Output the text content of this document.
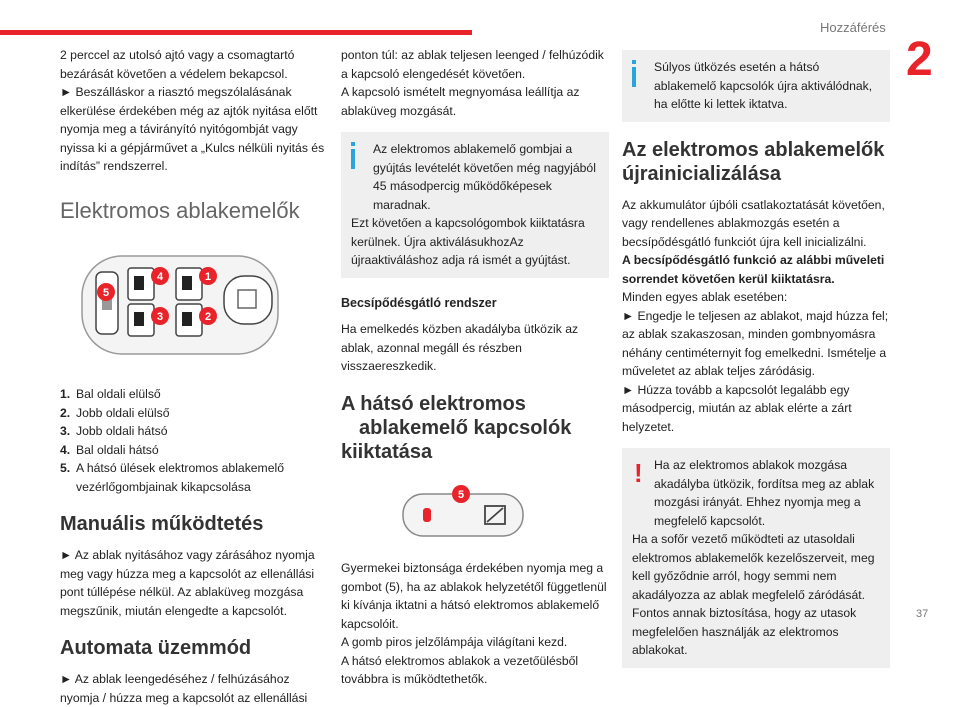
Hozzáférés
2
37

2 perccel az utolsó ajtó vagy a csomagtartó bezárását követően a védelem bekapcsol.

► Beszálláskor a riasztó megszólalásának elkerülése érdekében még az ajtók nyitása előtt nyomja meg a távirányító nyitógombját vagy nyissa ki a gépjárművet a „Kulcs nélküli nyitás és indítás” rendszerrel.

Elektromos ablakemelők
4	1
3	2
5
1. Bal oldali elülső
2. Jobb oldali elülső
3. Jobb oldali hátsó
4. Bal oldali hátsó
5. A hátsó ülések elektromos ablakemelő vezérlőgombjainak kikapcsolása
Manuális működtetés

► Az ablak nyitásához vagy zárásához nyomja meg vagy húzza meg a kapcsolót az ellenállási pont túllépése nélkül. Az ablaküveg mozgása megszűnik, miután elengedte a kapcsolót.

Automata üzemmód

► Az ablak leengedéséhez / felhúzásához nyomja / húzza meg a kapcsolót az ellenállási

ponton túl: az ablak teljesen leenged / felhúzódik a kapcsoló elengedését követően.

A kapcsoló ismételt megnyomása leállítja az ablaküveg mozgását.

Az elektromos ablakemelő gombjai a gyújtás levételét követően még nagyjából 45 másodpercig működőképesek maradnak.

Ezt követően a kapcsológombok kiiktatásra kerülnek. Újra aktiválásukhozAz újraaktiváláshoz adja rá ismét a gyújtást.

Becsípődésgátló rendszer

Ha emelkedés közben akadályba ütközik az ablak, azonnal megáll és részben visszaereszkedik.

A hátsó elektromos
ablakemelő kapcsolók
kiiktatása
5

Gyermekei biztonsága érdekében nyomja meg a gombot (5), ha az ablakok helyzetétől függetlenül ki kívánja iktatni a hátsó elektromos ablakemelő kapcsolóit.

A gomb piros jelzőlámpája világítani kezd.

A hátsó elektromos ablakok a vezetőülésből továbbra is működtethetők.

Súlyos ütközés esetén a hátsó ablakemelő kapcsolók újra aktiválódnak, ha előtte ki lettek iktatva.

Az elektromos ablakemelők
újrainicializálása

Az akkumulátor újbóli csatlakoztatását követően, vagy rendellenes ablakmozgás esetén a becsípődésgátló funkciót újra kell inicializálni.

A becsípődésgátló funkció az alábbi műveleti sorrendet követően kerül kiiktatásra.

Minden egyes ablak esetében:

► Engedje le teljesen az ablakot, majd húzza fel; az ablak szakaszosan, minden gombnyomásra néhány centiméternyit fog emelkedni. Ismételje a műveletet az ablak teljes záródásig.

► Húzza tovább a kapcsolót legalább egy másodpercig, miután az ablak elérte a zárt helyzetet.

! Ha az elektromos ablakok mozgása akadályba ütközik, fordítsa meg az ablak mozgási irányát. Ehhez nyomja meg a megfelelő kapcsolót.

Ha a sofőr vezető működteti az utasoldali elektromos ablakemelők kezelőszerveit, meg kell győződnie arról, hogy semmi nem akadályozza az ablak megfelelő záródását. Fontos annak biztosítása, hogy az utasok megfelelően használják az elektromos ablakokat.
